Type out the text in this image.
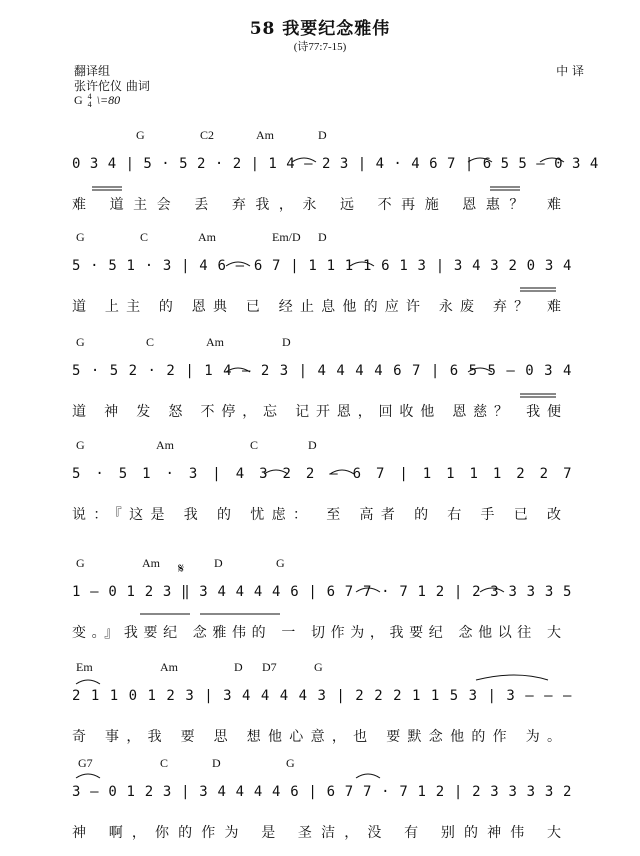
58 我要纪念雅伟
(诗77:7-15)
翻译组
张许佗仪 曲词
中 译
G 4
4 \=80
G	C2	Am	D
0 3 4 | 5 · 5 2 · 2 | 1 4 – 2 3 | 4 · 4 6 7 | 6 5 5 – 0 3 4
难 道主会 丢 弃我，永 远 不再施 恩惠？ 难
G	C	Am	Em/D D
5 · 5 1 · 3 | 4 6 – 6 7 | 1 1 1 1 6 1 3 | 3 4 3 2 0 3 4
道 上主 的 恩典 已 经止息他的应许 永废 弃？ 难
G	C	Am	D
5 · 5 2 · 2 | 1 4 – 2 3 | 4 4 4 4 6 7 | 6 5 5 – 0 3 4
道 神 发 怒 不停，忘 记开恩，回收他 恩慈？ 我便
G	Am	C	D
5 · 5 1 · 3 | 4 3 2 2 – 6 7 | 1 1 1 1 2 2 7
说：『这是 我 的 忧虑： 至 高者 的 右 手 已 改
G	Am 𝄋 D	G
1 – 0 1 2 3 ‖ 3 4 4 4 4 6 | 6 7 7 · 7 1 2 | 2 3 3 3 3 5
变。』我要纪 念雅伟的 一 切作为，我要纪 念他以往 大
Em	Am	D D7	G
2 1 1 0 1 2 3 | 3 4 4 4 4 3 | 2 2 2 1 1 5 3 | 3 – – –
奇 事，我 要 思 想他心意，也 要默念他的作 为。
G7	C	D	G
3 – 0 1 2 3 | 3 4 4 4 4 6 | 6 7 7 · 7 1 2 | 2 3 3 3 3 2
神 啊，你的作为 是 圣洁，没 有 别的神伟 大
